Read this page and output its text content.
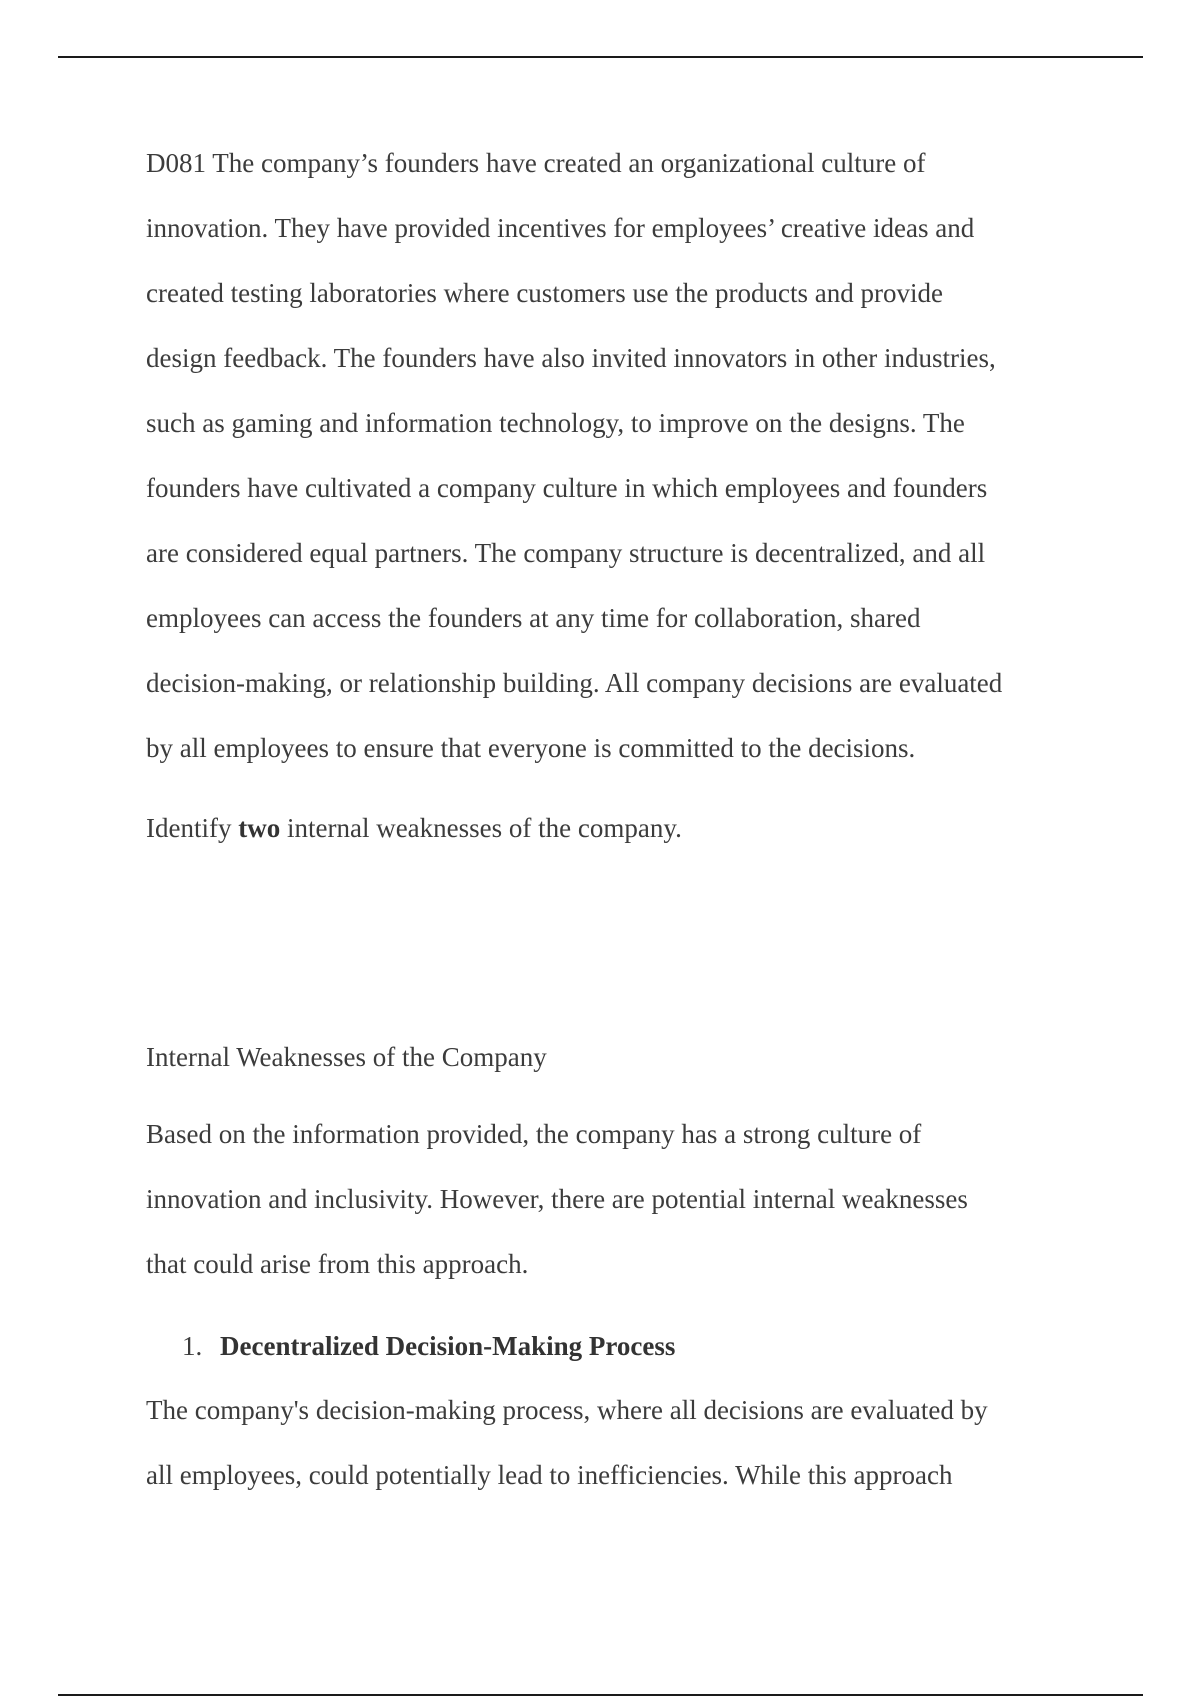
D081 The company’s founders have created an organizational culture of
innovation. They have provided incentives for employees’ creative ideas and
created testing laboratories where customers use the products and provide
design feedback. The founders have also invited innovators in other industries,
such as gaming and information technology, to improve on the designs. The
founders have cultivated a company culture in which employees and founders
are considered equal partners. The company structure is decentralized, and all
employees can access the founders at any time for collaboration, shared
decision-making, or relationship building. All company decisions are evaluated
by all employees to ensure that everyone is committed to the decisions.

Identify two internal weaknesses of the company.

Internal Weaknesses of the Company

Based on the information provided, the company has a strong culture of
innovation and inclusivity. However, there are potential internal weaknesses
that could arise from this approach.

1. Decentralized Decision-Making Process

The company's decision-making process, where all decisions are evaluated by
all employees, could potentially lead to inefficiencies. While this approach
